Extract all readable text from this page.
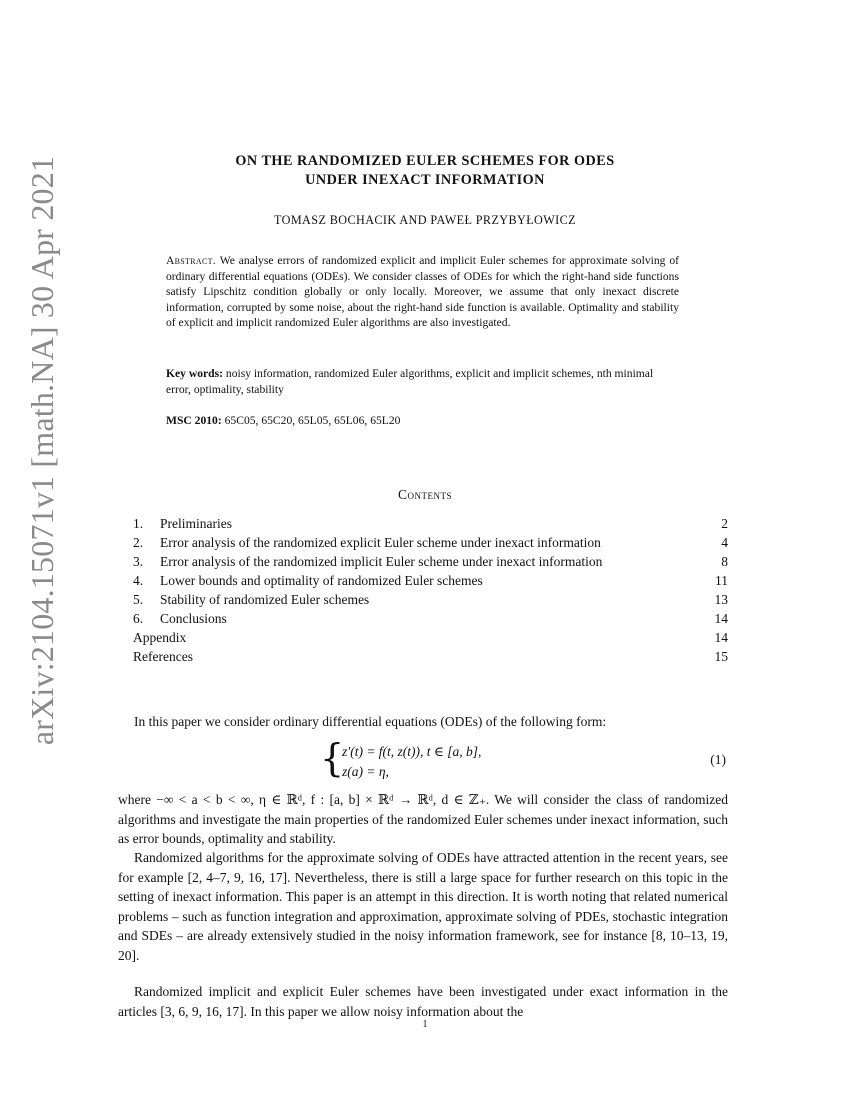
arXiv:2104.15071v1 [math.NA] 30 Apr 2021	ON THE RANDOMIZED EULER SCHEMES FOR ODES
UNDER INEXACT INFORMATION
TOMASZ BOCHACIK AND PAWEŁ PRZYBYŁOWICZ
Abstract. We analyse errors of randomized explicit and implicit Euler schemes for approximate solving of ordinary differential equations (ODEs). We consider classes of ODEs for which the right-hand side functions satisfy Lipschitz condition globally or only locally. Moreover, we assume that only inexact discrete information, corrupted by some noise, about the right-hand side function is available. Optimality and stability of explicit and implicit randomized Euler algorithms are also investigated.
Key words: noisy information, randomized Euler algorithms, explicit and implicit schemes, nth minimal error, optimality, stability
MSC 2010: 65C05, 65C20, 65L05, 65L06, 65L20
Contents
1. Preliminaries	2
2. Error analysis of the randomized explicit Euler scheme under inexact information	4
3. Error analysis of the randomized implicit Euler scheme under inexact information	8
4. Lower bounds and optimality of randomized Euler schemes	11
5. Stability of randomized Euler schemes	13
6. Conclusions	14
Appendix	14
References	15
In this paper we consider ordinary differential equations (ODEs) of the following form:
{
z′(t) = f(t, z(t)), t ∈ [a, b],
z(a) = η,
(1)
where −∞ < a < b < ∞, η ∈ ℝᵈ, f : [a, b] × ℝᵈ → ℝᵈ, d ∈ ℤ₊. We will consider the class of randomized algorithms and investigate the main properties of the randomized Euler schemes under inexact information, such as error bounds, optimality and stability.
Randomized algorithms for the approximate solving of ODEs have attracted attention in the recent years, see for example [2, 4–7, 9, 16, 17]. Nevertheless, there is still a large space for further research on this topic in the setting of inexact information. This paper is an attempt in this direction. It is worth noting that related numerical problems – such as function integration and approximation, approximate solving of PDEs, stochastic integration and SDEs – are already extensively studied in the noisy information framework, see for instance [8, 10–13, 19, 20].
Randomized implicit and explicit Euler schemes have been investigated under exact information in the articles [3, 6, 9, 16, 17]. In this paper we allow noisy information about the
1
